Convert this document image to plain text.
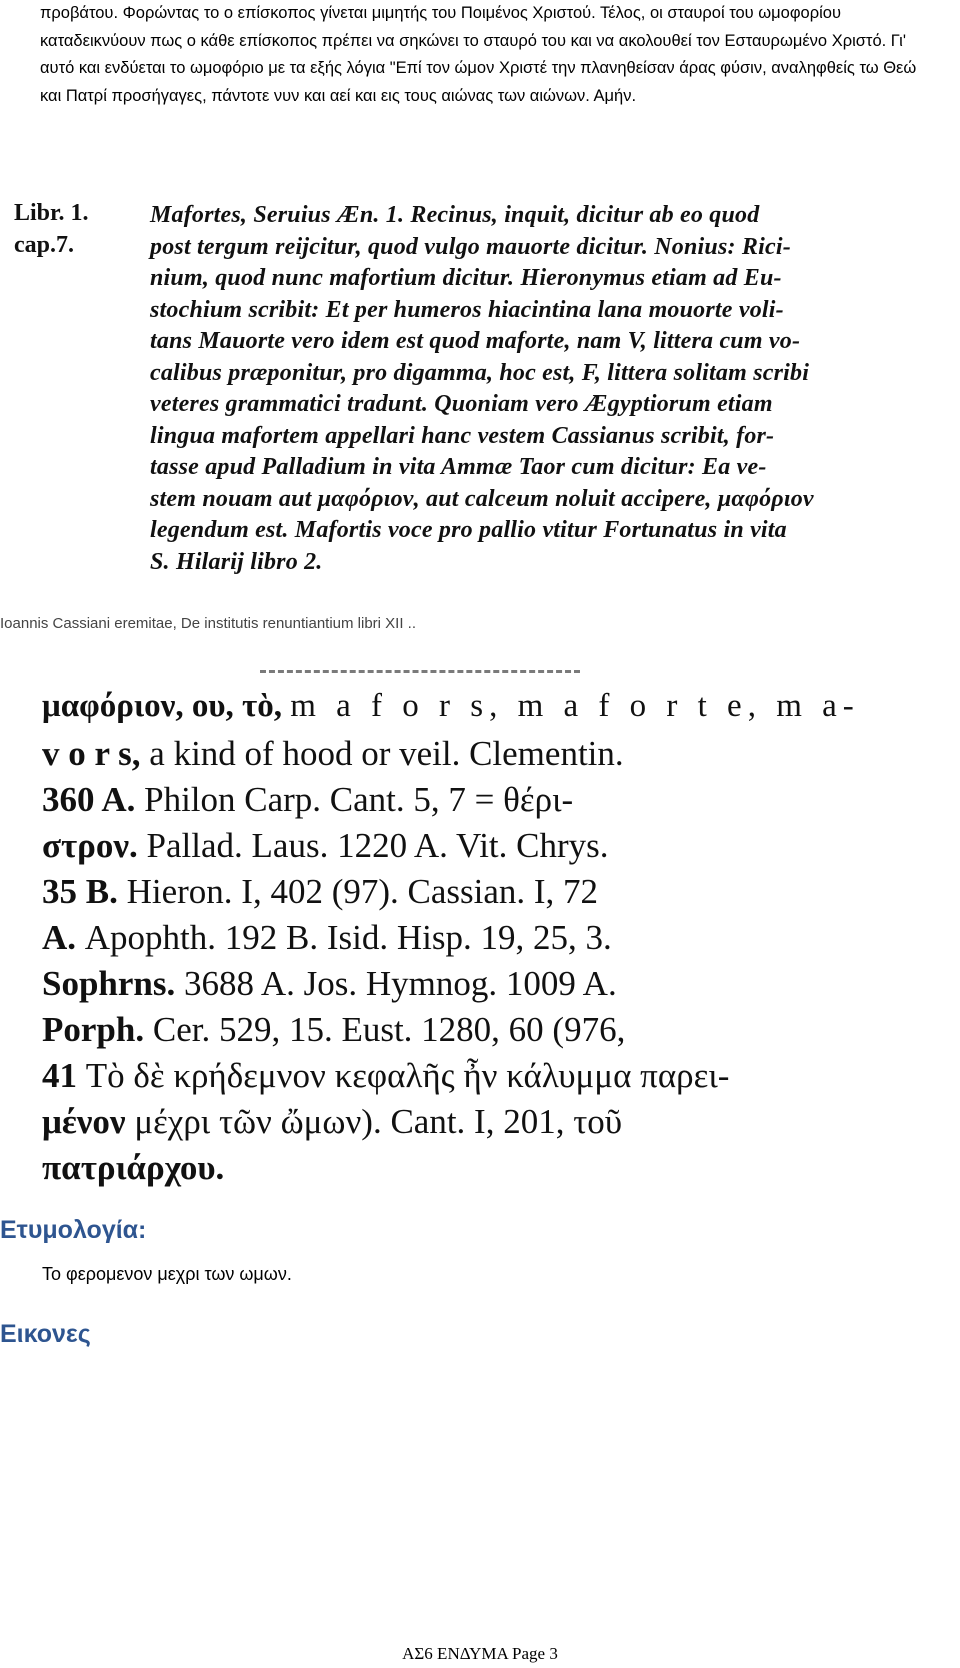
προβάτου. Φορώντας το ο επίσκοπος γίνεται μιμητής του Ποιμένος Χριστού. Τέλος, οι σταυροί του ωμοφορίου καταδεικνύουν πως ο κάθε επίσκοπος πρέπει να σηκώνει το σταυρό του και να ακολουθεί τον Εσταυρωμένο Χριστό. Γι' αυτό και ενδύεται το ωμοφόριο με τα εξής λόγια "Επί τον ώμον Χριστέ την πλανηθείσαν άρας φύσιν, αναληφθείς τω Θεώ και Πατρί προσήγαγες, πάντοτε νυν και αεί και εις τους αιώνας των αιώνων. Αμήν.

Libr. 1.
cap.7.
Mafortes, Seruius Æn. 1. Recinus, inquit, dicitur ab eo quod
post tergum reijcitur, quod vulgo mauorte dicitur. Nonius: Rici-
nium, quod nunc mafortium dicitur. Hieronymus etiam ad Eu-
stochium scribit: Et per humeros hiacintina lana mouorte voli-
tans Mauorte vero idem est quod maforte, nam V, littera cum vo-
calibus præponitur, pro digamma, hoc est, F, littera solitam scribi
veteres grammatici tradunt. Quoniam vero Ægyptiorum etiam
lingua mafortem appellari hanc vestem Cassianus scribit, for-
tasse apud Palladium in vita Ammæ Taor cum dicitur: Ea ve-
stem nouam aut μαφόριον, aut calceum noluit accipere, μαφόριον
legendum est. Mafortis voce pro pallio vtitur Fortunatus in vita
S. Hilarij libro 2.
Ioannis Cassiani eremitae, De institutis renuntiantium libri XII ..
μαφόριον, ου, τὸ, m a f o r s, m a f o r t e, m a-
v o r s, a kind of hood or veil. Clementin.
360 A. Philon Carp. Cant. 5, 7 = θέρι-
στρον. Pallad. Laus. 1220 A. Vit. Chrys.
35 B. Hieron. I, 402 (97). Cassian. I, 72
A. Apophth. 192 B. Isid. Hisp. 19, 25, 3.
Sophrns. 3688 A. Jos. Hymnog. 1009 A.
Porph. Cer. 529, 15. Eust. 1280, 60 (976,
41 Τὸ δὲ κρήδεμνον κεφαλῆς ἦν κάλυμμα παρει-
μένον μέχρι τῶν ὤμων). Cant. I, 201, τοῦ
πατριάρχου.
Ετυμολογία:
Το φερομενον μεχρι των ωμων.
Εικονες
ΑΣ6 ΕΝΔΥΜΑ Page 3
